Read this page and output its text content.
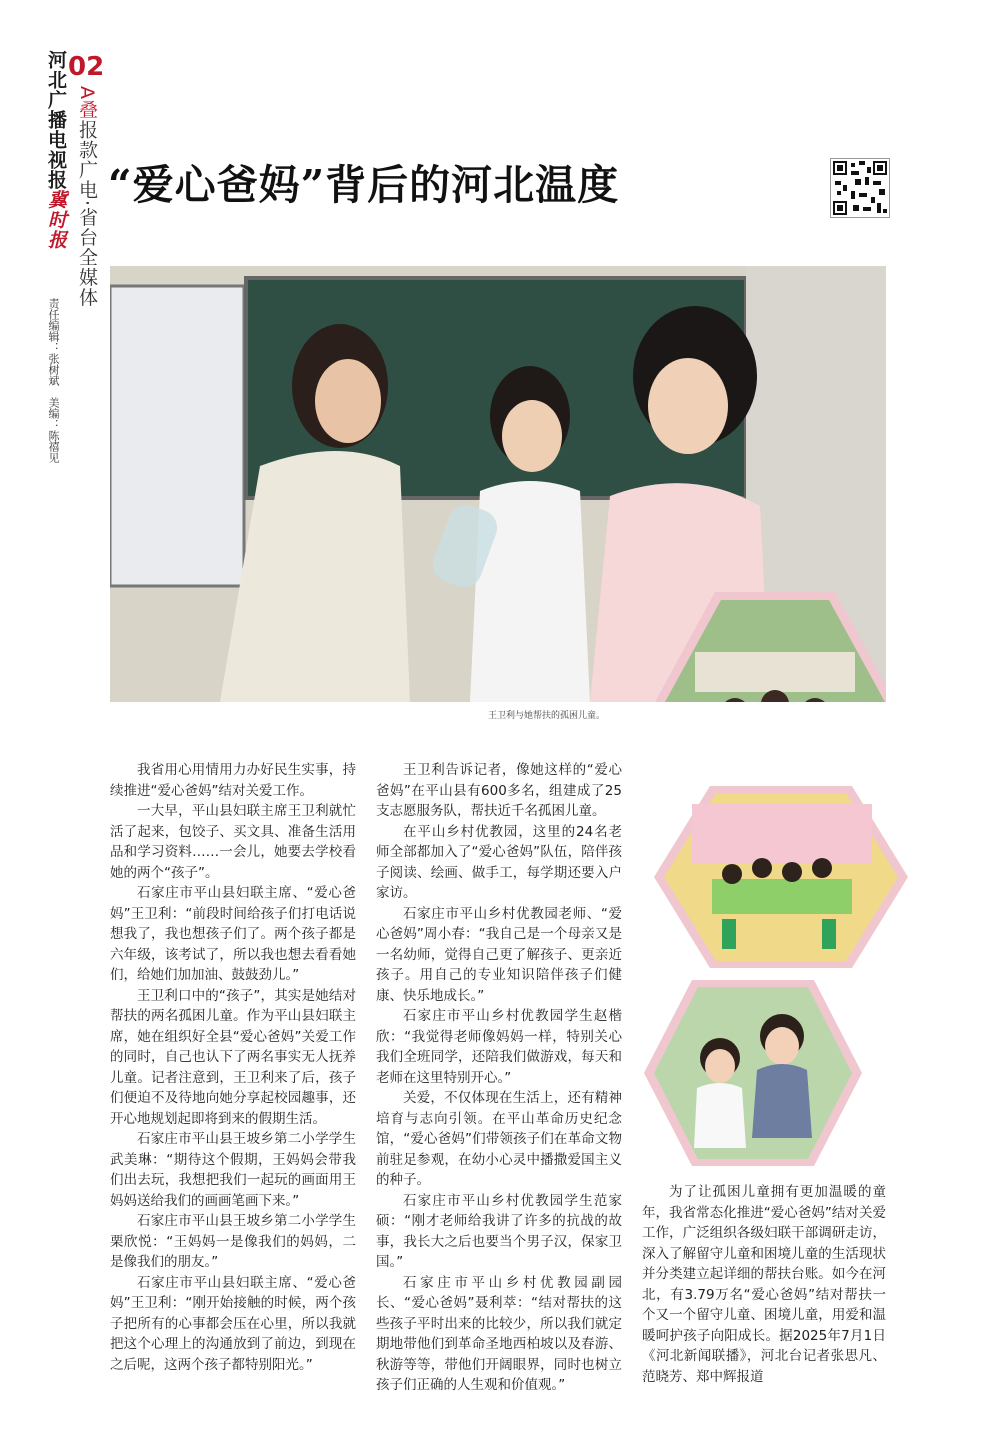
河北广播电视报冀时报
02
A叠报款广电·省台全媒体
责任编辑：张树斌　美编：陈禧见
“爱心爸妈”背后的河北温度
王卫利与她帮扶的孤困儿童。

我省用心用情用力办好民生实事，持续推进“爱心爸妈”结对关爱工作。

一大早，平山县妇联主席王卫利就忙活了起来，包饺子、买文具、准备生活用品和学习资料……一会儿，她要去学校看她的两个“孩子”。

石家庄市平山县妇联主席、“爱心爸妈”王卫利：“前段时间给孩子们打电话说想我了，我也想孩子们了。两个孩子都是六年级，该考试了，所以我也想去看看她们，给她们加加油、鼓鼓劲儿。”

王卫利口中的“孩子”，其实是她结对帮扶的两名孤困儿童。作为平山县妇联主席，她在组织好全县“爱心爸妈”关爱工作的同时，自己也认下了两名事实无人抚养儿童。记者注意到，王卫利来了后，孩子们便迫不及待地向她分享起校园趣事，还开心地规划起即将到来的假期生活。

石家庄市平山县王坡乡第二小学学生武美琳：“期待这个假期，王妈妈会带我们出去玩，我想把我们一起玩的画面用王妈妈送给我们的画画笔画下来。”

石家庄市平山县王坡乡第二小学学生栗欣悦：“王妈妈一是像我们的妈妈，二是像我们的朋友。”

石家庄市平山县妇联主席、“爱心爸妈”王卫利：“刚开始接触的时候，两个孩子把所有的心事都会压在心里，所以我就把这个心理上的沟通放到了前边，到现在之后呢，这两个孩子都特别阳光。”

王卫利告诉记者，像她这样的“爱心爸妈”在平山县有600多名，组建成了25支志愿服务队，帮扶近千名孤困儿童。

在平山乡村优教园，这里的24名老师全部都加入了“爱心爸妈”队伍，陪伴孩子阅读、绘画、做手工，每学期还要入户家访。

石家庄市平山乡村优教园老师、“爱心爸妈”周小春：“我自己是一个母亲又是一名幼师，觉得自己更了解孩子、更亲近孩子。用自己的专业知识陪伴孩子们健康、快乐地成长。”

石家庄市平山乡村优教园学生赵楷欣：“我觉得老师像妈妈一样，特别关心我们全班同学，还陪我们做游戏，每天和老师在这里特别开心。”

关爱，不仅体现在生活上，还有精神培育与志向引领。在平山革命历史纪念馆，“爱心爸妈”们带领孩子们在革命文物前驻足参观，在幼小心灵中播撒爱国主义的种子。

石家庄市平山乡村优教园学生范家硕：“刚才老师给我讲了许多的抗战的故事，我长大之后也要当个男子汉，保家卫国。”

石家庄市平山乡村优教园副园长、“爱心爸妈”聂利萃：“结对帮扶的这些孩子平时出来的比较少，所以我们就定期地带他们到革命圣地西柏坡以及春游、秋游等等，带他们开阔眼界，同时也树立孩子们正确的人生观和价值观。”

为了让孤困儿童拥有更加温暖的童年，我省常态化推进“爱心爸妈”结对关爱工作，广泛组织各级妇联干部调研走访，深入了解留守儿童和困境儿童的生活现状并分类建立起详细的帮扶台账。如今在河北，有3.79万名“爱心爸妈”结对帮扶一个又一个留守儿童、困境儿童，用爱和温暖呵护孩子向阳成长。据2025年7月1日《河北新闻联播》，河北台记者张思凡、范晓芳、郑中辉报道
